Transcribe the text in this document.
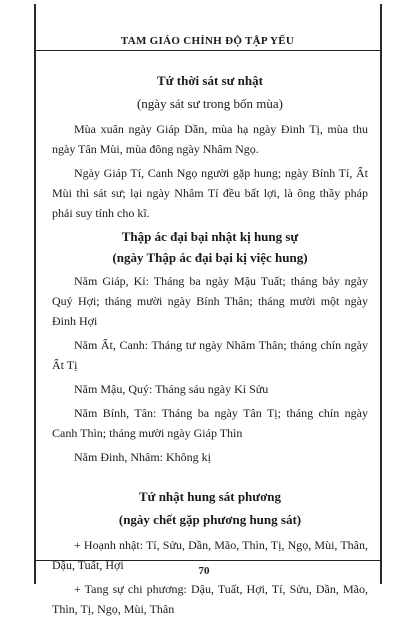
TAM GIÁO CHÍNH ĐỘ TẬP YẾU
Tứ thời sát sư nhật
(ngày sát sư trong bốn mùa)

Mùa xuân ngày Giáp Dần, mùa hạ ngày Đinh Tị, mùa thu ngày Tân Mùi, mùa đông ngày Nhâm Ngọ.

Ngày Giáp Tí, Canh Ngọ người gặp hung; ngày Bính Tí, Ất Mùi thì sát sư; lại ngày Nhâm Tí đều bất lợi, là ông thầy pháp phải suy tính cho kĩ.

Thập ác đại bại nhật kị hung sự
(ngày Thập ác đại bại kị việc hung)

Năm Giáp, Kỉ: Tháng ba ngày Mậu Tuất; tháng bảy ngày Quý Hợi; tháng mười ngày Bính Thân; tháng mười một ngày Đinh Hợi

Năm Ất, Canh: Tháng tư ngày Nhâm Thân; tháng chín ngày Ất Tị

Năm Mậu, Quý: Tháng sáu ngày Kỉ Sửu

Năm Bính, Tân: Tháng ba ngày Tân Tị; tháng chín ngày Canh Thìn; tháng mười ngày Giáp Thìn

Năm Đinh, Nhâm: Không kị

Tứ nhật hung sát phương
(ngày chết gặp phương hung sát)

+ Hoạnh nhật: Tí, Sửu, Dần, Mão, Thìn, Tị, Ngọ, Mùi, Thân, Dậu, Tuất, Hợi

+ Tang sự chi phương: Dậu, Tuất, Hợi, Tí, Sửu, Dần, Mão, Thìn, Tị, Ngọ, Mùi, Thân

70
